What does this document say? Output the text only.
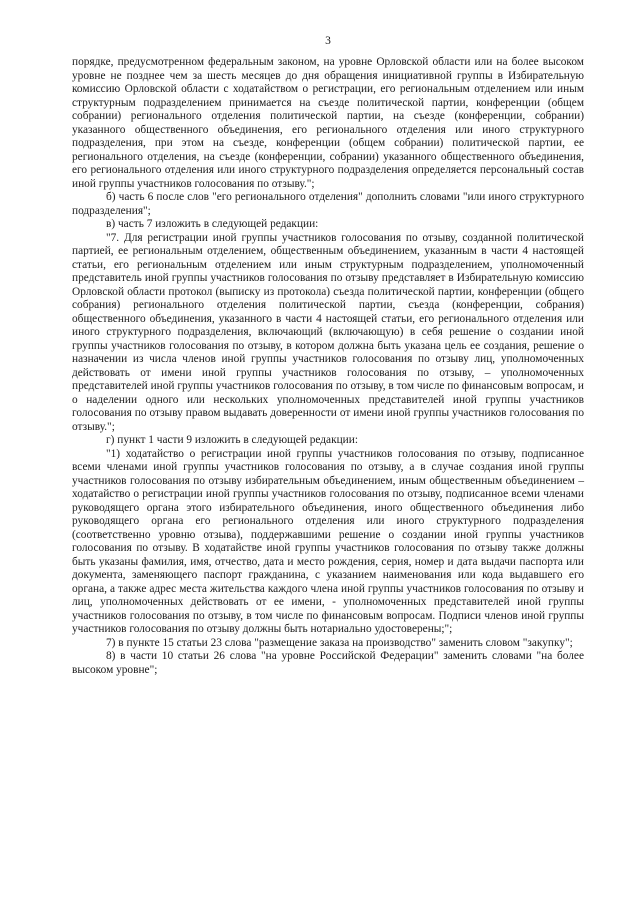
3

порядке, предусмотренном федеральным законом, на уровне Орловской области или на более высоком уровне не позднее чем за шесть месяцев до дня обращения инициативной группы в Избирательную комиссию Орловской области с ходатайством о регистрации, его региональным отделением или иным структурным подразделением принимается на съезде политической партии, конференции (общем собрании) регионального отделения политической партии, на съезде (конференции, собрании) указанного общественного объединения, его регионального отделения или иного структурного подразделения, при этом на съезде, конференции (общем собрании) политической партии, ее регионального отделения, на съезде (конференции, собрании) указанного общественного объединения, его регионального отделения или иного структурного подразделения определяется персональный состав иной группы участников голосования по отзыву.";

б) часть 6 после слов "его регионального отделения" дополнить словами "или иного структурного подразделения";

в) часть 7 изложить в следующей редакции:

"7. Для регистрации иной группы участников голосования по отзыву, созданной политической партией, ее региональным отделением, общественным объединением, указанным в части 4 настоящей статьи, его региональным отделением или иным структурным подразделением, уполномоченный представитель иной группы участников голосования по отзыву представляет в Избирательную комиссию Орловской области протокол (выписку из протокола) съезда политической партии, конференции (общего собрания) регионального отделения политической партии, съезда (конференции, собрания) общественного объединения, указанного в части 4 настоящей статьи, его регионального отделения или иного структурного подразделения, включающий (включающую) в себя решение о создании иной группы участников голосования по отзыву, в котором должна быть указана цель ее создания, решение о назначении из числа членов иной группы участников голосования по отзыву лиц, уполномоченных действовать от имени иной группы участников голосования по отзыву, – уполномоченных представителей иной группы участников голосования по отзыву, в том числе по финансовым вопросам, и о наделении одного или нескольких уполномоченных представителей иной группы участников голосования по отзыву правом выдавать доверенности от имени иной группы участников голосования по отзыву.";

г) пункт 1 части 9 изложить в следующей редакции:

"1) ходатайство о регистрации иной группы участников голосования по отзыву, подписанное всеми членами иной группы участников голосования по отзыву, а в случае создания иной группы участников голосования по отзыву избирательным объединением, иным общественным объединением – ходатайство о регистрации иной группы участников голосования по отзыву, подписанное всеми членами руководящего органа этого избирательного объединения, иного общественного объединения либо руководящего органа его регионального отделения или иного структурного подразделения (соответственно уровню отзыва), поддержавшими решение о создании иной группы участников голосования по отзыву. В ходатайстве иной группы участников голосования по отзыву также должны быть указаны фамилия, имя, отчество, дата и место рождения, серия, номер и дата выдачи паспорта или документа, заменяющего паспорт гражданина, с указанием наименования или кода выдавшего его органа, а также адрес места жительства каждого члена иной группы участников голосования по отзыву и лиц, уполномоченных действовать от ее имени, - уполномоченных представителей иной группы участников голосования по отзыву, в том числе по финансовым вопросам. Подписи членов иной группы участников голосования по отзыву должны быть нотариально удостоверены;";

7) в пункте 15 статьи 23 слова "размещение заказа на производство" заменить словом "закупку";

8) в части 10 статьи 26 слова "на уровне Российской Федерации" заменить словами "на более высоком уровне";
